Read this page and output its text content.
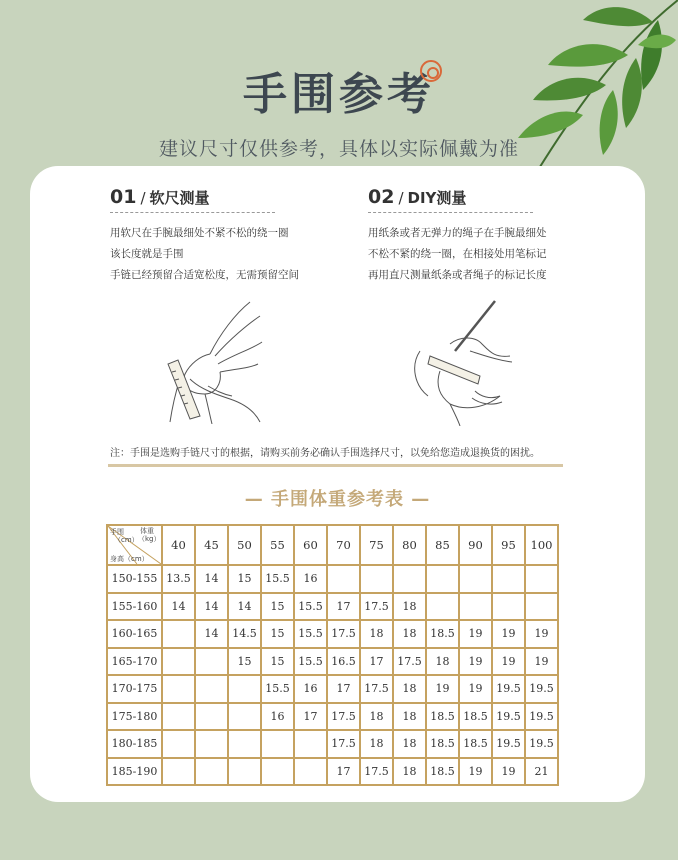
手围参考
建议尺寸仅供参考，具体以实际佩戴为准
01 / 软尺测量
用软尺在手腕最细处不紧不松的绕一圈
该长度就是手围
手链已经预留合适宽松度，无需预留空间
02 / DIY测量
用纸条或者无弹力的绳子在手腕最细处
不松不紧的绕一圈，在相接处用笔标记
再用直尺测量纸条或者绳子的标记长度
注：手围是选购手链尺寸的根据，请购买前务必确认手围选择尺寸，以免给您造成退换货的困扰。
— 手围体重参考表 —
手围
（cm）
体重
（kg）
身高（cm）	40	45	50	55	60	70	75	80	85	90	95	100
150-155	13.5	14	15	15.5	16							
155-160	14	14	14	15	15.5	17	17.5	18				
160-165		14	14.5	15	15.5	17.5	18	18	18.5	19	19	19
165-170			15	15	15.5	16.5	17	17.5	18	19	19	19
170-175				15.5	16	17	17.5	18	19	19	19.5	19.5
175-180				16	17	17.5	18	18	18.5	18.5	19.5	19.5
180-185						17.5	18	18	18.5	18.5	19.5	19.5
185-190						17	17.5	18	18.5	19	19	21
